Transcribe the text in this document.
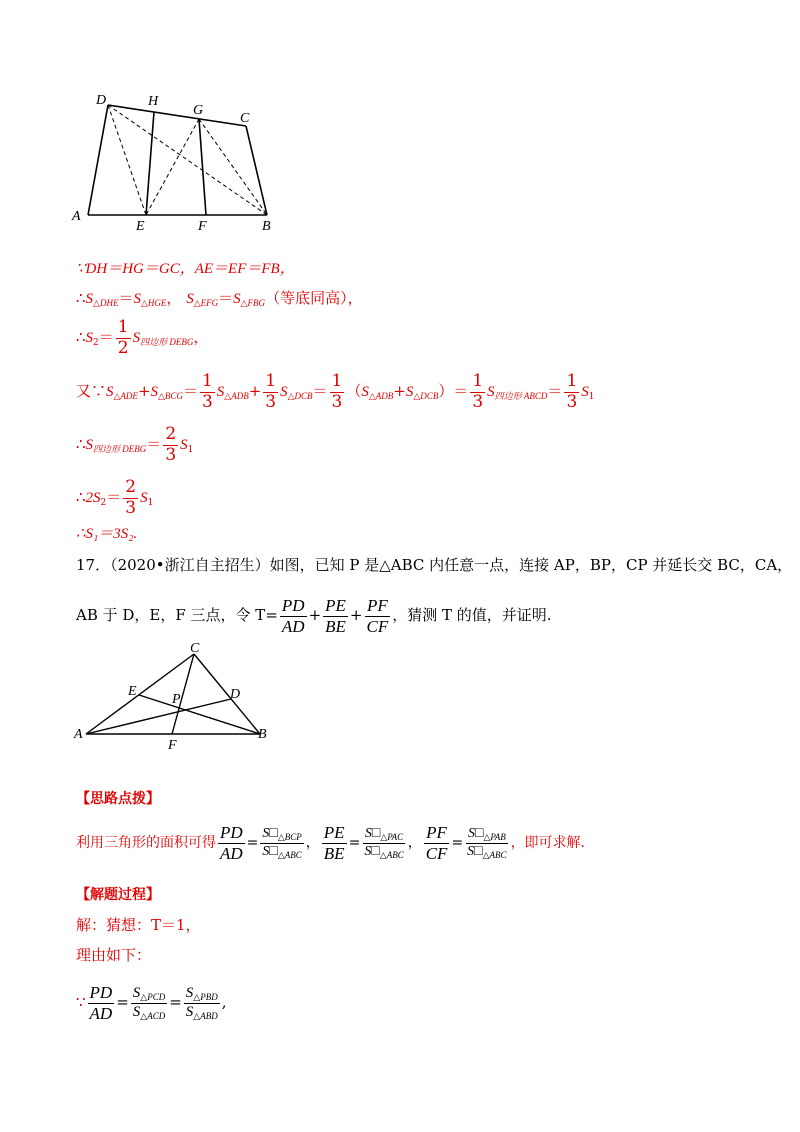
D	H
G
C
A
E	F	B
∵DH＝HG＝GC，AE＝EF＝FB，
$\therefore S_{\triangle DHE}=S_{\triangle HGE}$， $S_{\triangle EFG}=S_{\triangle FBG}$（等底同高），
$\therefore S_2= \frac{1}{2} S_{四边形 DEBG}$，
又$\because S_{\triangle ADE}+S_{\triangle BCG}= \frac{1}{3} S_{\triangle ADB}+ \frac{1}{3} S_{\triangle DCB}= \frac{1}{3} (S_{\triangle ADB}+S_{\triangle DCB})= \frac{1}{3} S_{四边形 ABCD}= \frac{1}{3} S_1$
$\therefore S_{四边形 DEBG}= \frac{2}{3} S_1$
$\therefore 2S_2= \frac{2}{3} S_1$
∴S₁＝3S₂.
17．（2020•浙江自主招生）如图，已知 P 是△ABC 内任意一点，连接 AP，BP，CP 并延长交 BC，CA，
AB 于 D，E，F 三点，令 $T= \frac{PD}{AD} + \frac{PE}{BE} + \frac{PF}{CF}$ ，猜测 T 的值，并证明.
C
E
P	D
A
F
B
【思路点拨】
利用三角形的面积可得 $\frac{PD}{AD} = \frac{S□_{\triangle BCP}}{S□_{\triangle ABC}}$ ， $\frac{PE}{BE} = \frac{S□_{\triangle PAC}}{S□_{\triangle ABC}}$ ， $\frac{PF}{CF} = \frac{S□_{\triangle PAB}}{S□_{\triangle ABC}}$ ，即可求解.
【解题过程】
解：猜想：T＝1，
理由如下：
∵ $\frac{PD}{AD} = \frac{S_{\triangle PCD}}{S_{\triangle ACD}} = \frac{S_{\triangle PBD}}{S_{\triangle ABD}}$ ,
